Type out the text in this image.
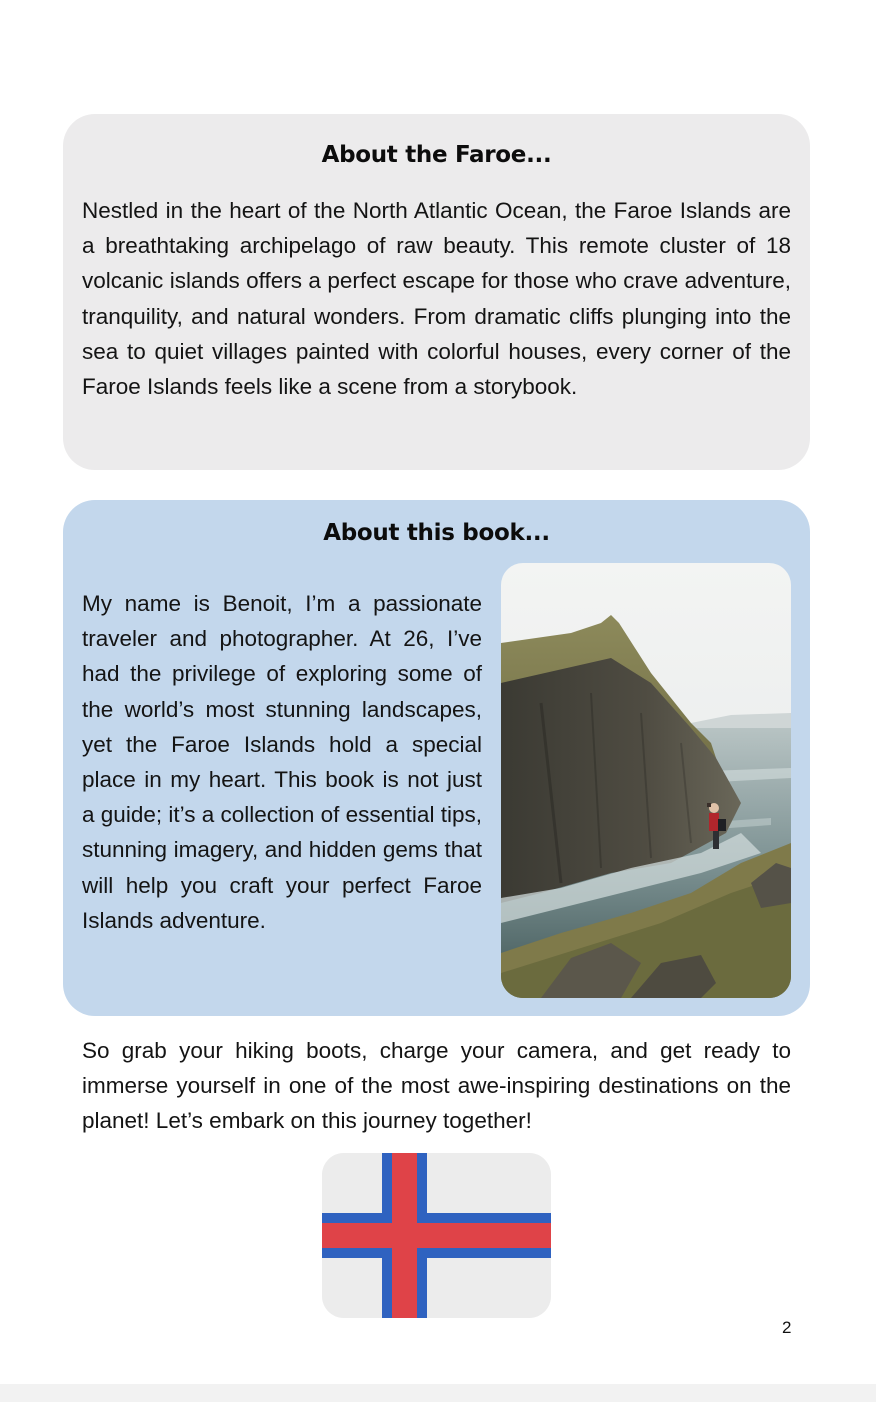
About the Faroe...

Nestled in the heart of the North Atlantic Ocean, the Faroe Islands are a breathtaking archipelago of raw beauty. This remote cluster of 18 volcanic islands offers a perfect escape for those who crave adventure, tranquility, and natural wonders. From dramatic cliffs plunging into the sea to quiet villages painted with colorful houses, every corner of the Faroe Islands feels like a scene from a storybook.

About this book...

My name is Benoit, I’m a passionate traveler and photographer. At 26, I’ve had the privilege of exploring some of the world’s most stunning landscapes, yet the Faroe Islands hold a special place in my heart. This book is not just a guide; it’s a collection of essential tips, stunning imagery, and hidden gems that will help you craft your perfect Faroe Islands adventure.

So grab your hiking boots, charge your camera, and get ready to immerse yourself in one of the most awe-inspiring destinations on the planet! Let’s embark on this journey together!

2
